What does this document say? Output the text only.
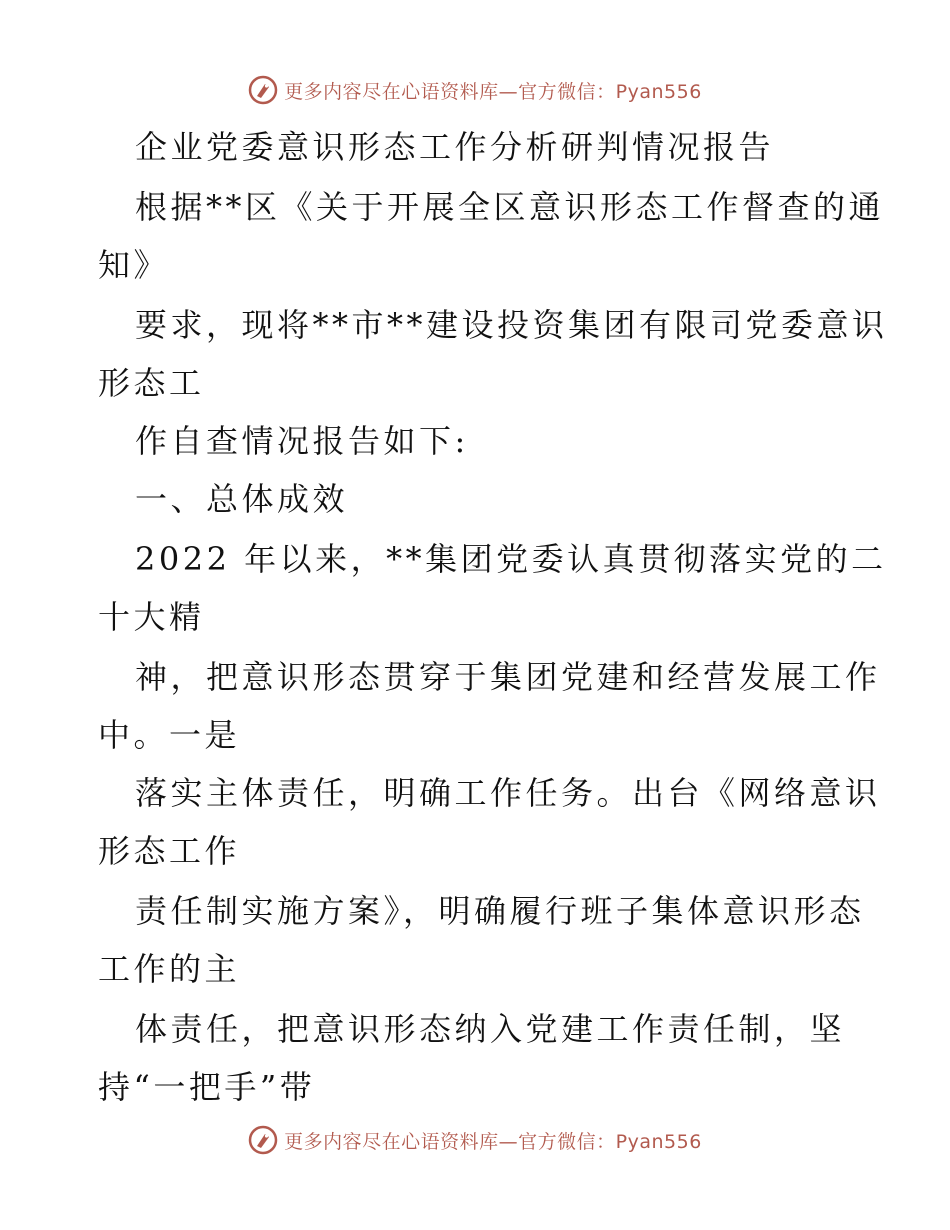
更多内容尽在心语资料库—官方微信：Pyan556
企业党委意识形态工作分析研判情况报告
根据**区《关于开展全区意识形态工作督查的通
知》
要求，现将**市**建设投资集团有限司党委意识
形态工
作自查情况报告如下:
一、总体成效
2022 年以来，**集团党委认真贯彻落实党的二
十大精
神，把意识形态贯穿于集团党建和经营发展工作
中。一是
落实主体责任，明确工作任务。出台《网络意识
形态工作
责任制实施方案》，明确履行班子集体意识形态
工作的主
体责任，把意识形态纳入党建工作责任制，坚
持“一把手”带
更多内容尽在心语资料库—官方微信：Pyan556
